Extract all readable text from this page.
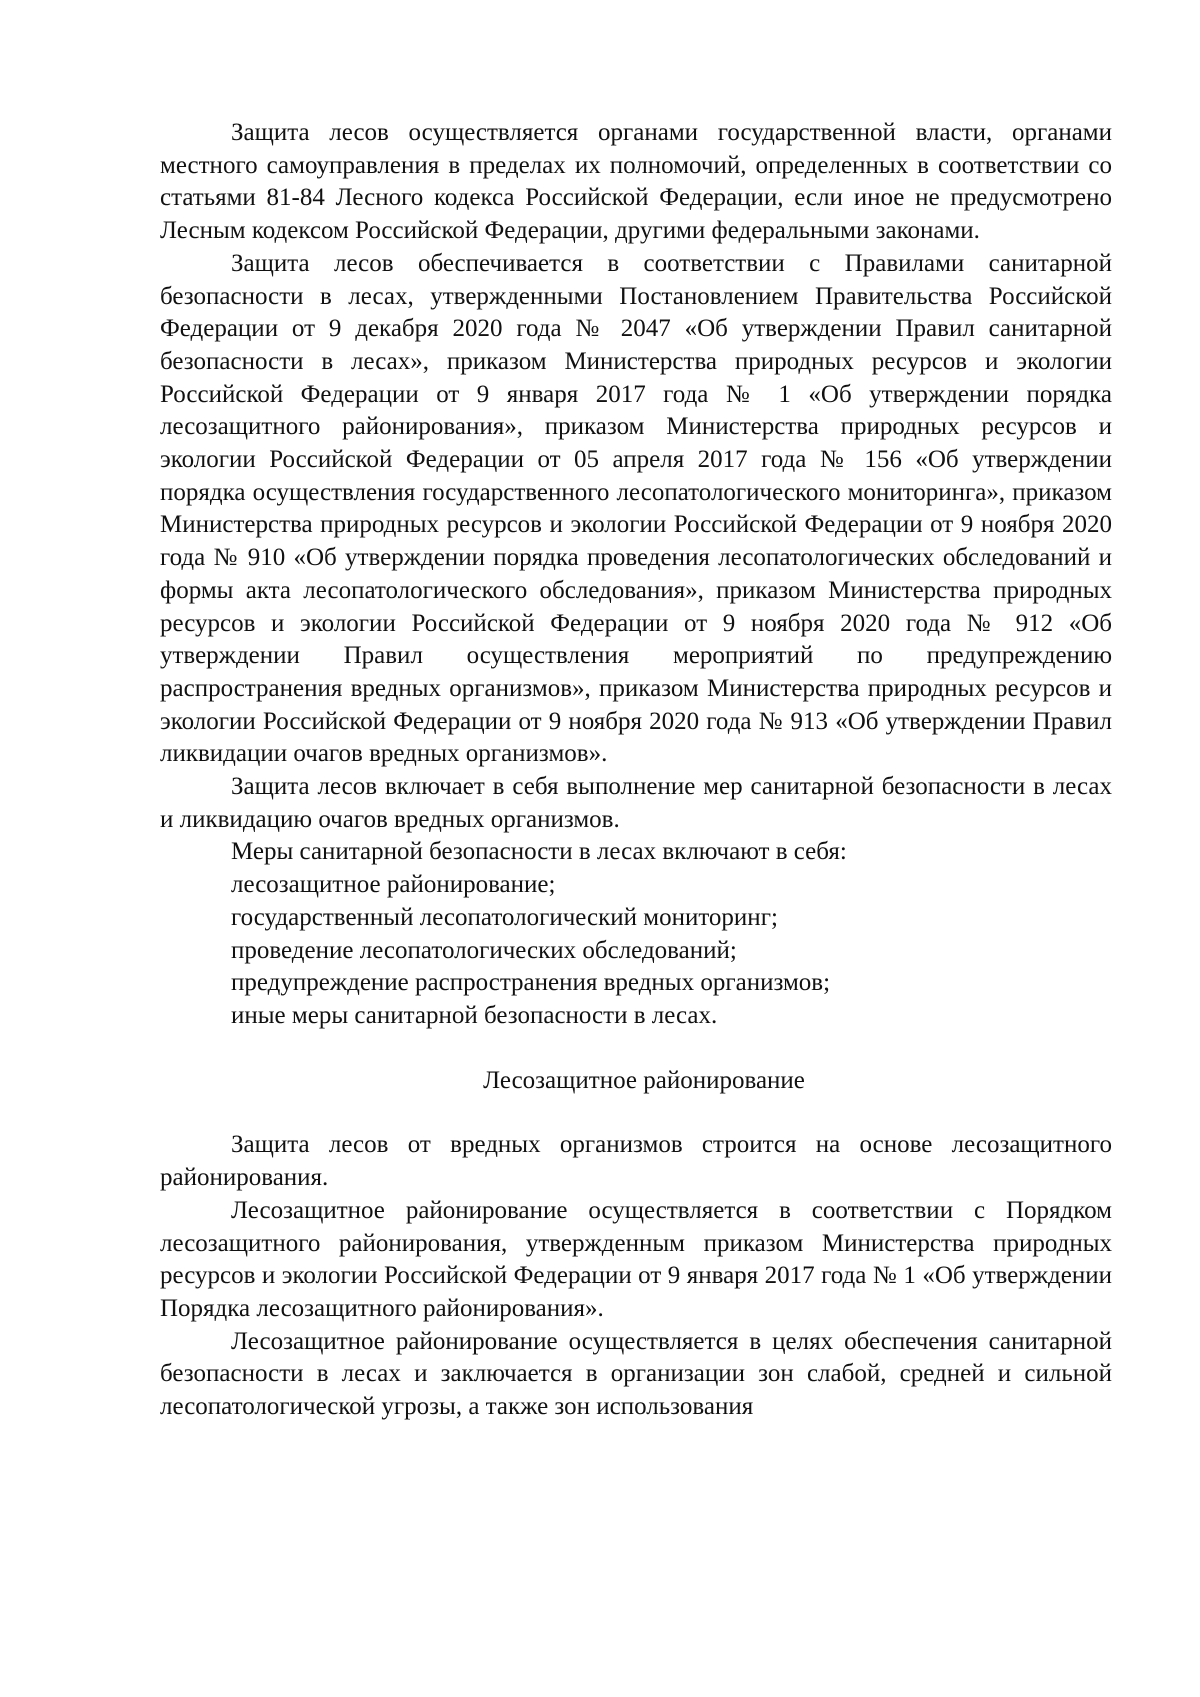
Защита лесов осуществляется органами государственной власти, органами местного самоуправления в пределах их полномочий, определенных в соответствии со статьями 81-84 Лесного кодекса Российской Федерации, если иное не предусмотрено Лесным кодексом Российской Федерации, другими федеральными законами.

Защита лесов обеспечивается в соответствии с Правилами санитарной безопасности в лесах, утвержденными Постановлением Правительства Российской Федерации от 9 декабря 2020 года № 2047 «Об утверждении Правил санитарной безопасности в лесах», приказом Министерства природных ресурсов и экологии Российской Федерации от 9 января 2017 года № 1 «Об утверждении порядка лесозащитного районирования», приказом Министерства природных ресурсов и экологии Российской Федерации от 05 апреля 2017 года № 156 «Об утверждении порядка осуществления государственного лесопатологического мониторинга», приказом Министерства природных ресурсов и экологии Российской Федерации от 9 ноября 2020 года № 910 «Об утверждении порядка проведения лесопатологических обследований и формы акта лесопатологического обследования», приказом Министерства природных ресурсов и экологии Российской Федерации от 9 ноября 2020 года № 912 «Об утверждении Правил осуществления мероприятий по предупреждению распространения вредных организмов», приказом Министерства природных ресурсов и экологии Российской Федерации от 9 ноября 2020 года № 913 «Об утверждении Правил ликвидации очагов вредных организмов».

Защита лесов включает в себя выполнение мер санитарной безопасности в лесах и ликвидацию очагов вредных организмов.

Меры санитарной безопасности в лесах включают в себя:

лесозащитное районирование;

государственный лесопатологический мониторинг;

проведение лесопатологических обследований;

предупреждение распространения вредных организмов;

иные меры санитарной безопасности в лесах.

Лесозащитное районирование

Защита лесов от вредных организмов строится на основе лесозащитного районирования.

Лесозащитное районирование осуществляется в соответствии с Порядком лесозащитного районирования, утвержденным приказом Министерства природных ресурсов и экологии Российской Федерации от 9 января 2017 года № 1 «Об утверждении Порядка лесозащитного районирования».

Лесозащитное районирование осуществляется в целях обеспечения санитарной безопасности в лесах и заключается в организации зон слабой, средней и сильной лесопатологической угрозы, а также зон использования
